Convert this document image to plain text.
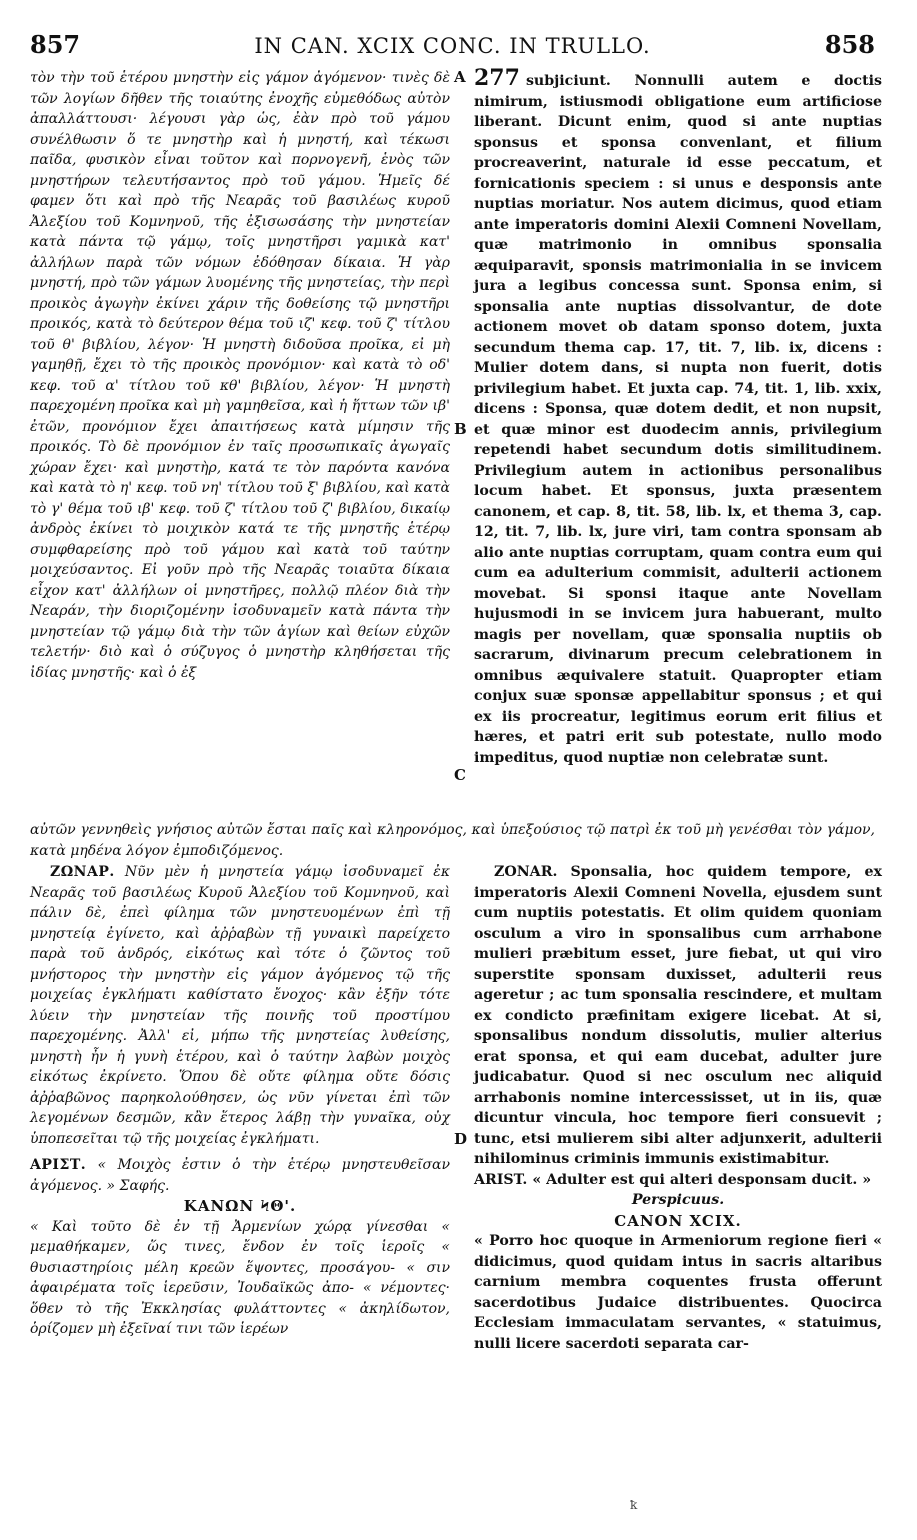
857	IN CAN. XCIX CONC. IN TRULLO.	858
A
B
C
D

τὸν τὴν τοῦ ἑτέρου μνηστὴν εἰς γάμον ἀγόμενον· τινὲς δὲ τῶν λογίων δῆθεν τῆς τοιαύτης ἐνοχῆς εὐμεθόδως αὐτὸν ἀπαλλάττουσι· λέγουσι γὰρ ὡς, ἐὰν πρὸ τοῦ γάμου συνέλθωσιν ὅ τε μνηστὴρ καὶ ἡ μνηστή, καὶ τέκωσι παῖδα, φυσικὸν εἶναι τοῦτον καὶ πορνογενῆ, ἑνὸς τῶν μνηστήρων τελευτήσαντος πρὸ τοῦ γάμου. Ἡμεῖς δέ φαμεν ὅτι καὶ πρὸ τῆς Νεαρᾶς τοῦ βασιλέως κυροῦ Ἀλεξίου τοῦ Κομνηνοῦ, τῆς ἐξισωσάσης τὴν μνηστείαν κατὰ πάντα τῷ γάμῳ, τοῖς μνηστῆρσι γαμικὰ κατ' ἀλλήλων παρὰ τῶν νόμων ἐδόθησαν δίκαια. Ἡ γὰρ μνηστή, πρὸ τῶν γάμων λυομένης τῆς μνηστείας, τὴν περὶ προικὸς ἀγωγὴν ἐκίνει χάριν τῆς δοθείσης τῷ μνηστῆρι προικός, κατὰ τὸ δεύτερον θέμα τοῦ ιζ' κεφ. τοῦ ζ' τίτλου τοῦ θ' βιβλίου, λέγον· Ἡ μνηστὴ διδοῦσα προῖκα, εἰ μὴ γαμηθῇ, ἔχει τὸ τῆς προικὸς προνόμιον· καὶ κατὰ τὸ οδ' κεφ. τοῦ α' τίτλου τοῦ κθ' βιβλίου, λέγον· Ἡ μνηστὴ παρεχομένη προῖκα καὶ μὴ γαμηθεῖσα, καὶ ἡ ἥττων τῶν ιβ' ἐτῶν, προνόμιον ἔχει ἀπαιτήσεως κατὰ μίμησιν τῆς προικός. Τὸ δὲ προνόμιον ἐν ταῖς προσωπικαῖς ἀγωγαῖς χώραν ἔχει· καὶ μνηστὴρ, κατά τε τὸν παρόντα κανόνα καὶ κατὰ τὸ η' κεφ. τοῦ νη' τίτλου τοῦ ξ' βιβλίου, καὶ κατὰ τὸ γ' θέμα τοῦ ιβ' κεφ. τοῦ ζ' τίτλου τοῦ ζ' βιβλίου, δικαίῳ ἀνδρὸς ἐκίνει τὸ μοιχικὸν κατά τε τῆς μνηστῆς ἑτέρῳ συμφθαρείσης πρὸ τοῦ γάμου καὶ κατὰ τοῦ ταύτην μοιχεύσαντος. Εἰ γοῦν πρὸ τῆς Νεαρᾶς τοιαῦτα δίκαια εἶχον κατ' ἀλλήλων οἱ μνηστῆρες, πολλῷ πλέον διὰ τὴν Νεαράν, τὴν διοριζομένην ἰσοδυναμεῖν κατὰ πάντα τὴν μνηστείαν τῷ γάμῳ διὰ τὴν τῶν ἁγίων καὶ θείων εὐχῶν τελετήν· διὸ καὶ ὁ σύζυγος ὁ μνηστὴρ κληθήσεται τῆς ἰδίας μνηστῆς· καὶ ὁ ἐξ

277 subjiciunt. Nonnulli autem e doctis nimirum, istiusmodi obligatione eum artificiose liberant. Dicunt enim, quod si ante nuptias sponsus et sponsa convenlant, et filium procreaverint, naturale id esse peccatum, et fornicationis speciem : si unus e desponsis ante nuptias moriatur. Nos autem dicimus, quod etiam ante imperatoris domini Alexii Comneni Novellam, quæ matrimonio in omnibus sponsalia æquiparavit, sponsis matrimonialia in se invicem jura a legibus concessa sunt. Sponsa enim, si sponsalia ante nuptias dissolvantur, de dote actionem movet ob datam sponso dotem, juxta secundum thema cap. 17, tit. 7, lib. ix, dicens : Mulier dotem dans, si nupta non fuerit, dotis privilegium habet. Et juxta cap. 74, tit. 1, lib. xxix, dicens : Sponsa, quæ dotem dedit, et non nupsit, et quæ minor est duodecim annis, privilegium repetendi habet secundum dotis similitudinem. Privilegium autem in actionibus personalibus locum habet. Et sponsus, juxta præsentem canonem, et cap. 8, tit. 58, lib. lx, et thema 3, cap. 12, tit. 7, lib. lx, jure viri, tam contra sponsam ab alio ante nuptias corruptam, quam contra eum qui cum ea adulterium commisit, adulterii actionem movebat. Si sponsi itaque ante Novellam hujusmodi in se invicem jura habuerant, multo magis per novellam, quæ sponsalia nuptiis ob sacrarum, divinarum precum celebrationem in omnibus æquivalere statuit. Quapropter etiam conjux suæ sponsæ appellabitur sponsus ; et qui ex iis procreatur, legitimus eorum erit filius et hæres, et patri erit sub potestate, nullo modo impeditus, quod nuptiæ non celebratæ sunt.

αὐτῶν γεννηθεὶς γνήσιος αὐτῶν ἔσται παῖς καὶ κληρονόμος, καὶ ὑπεξούσιος τῷ πατρὶ ἐκ τοῦ μὴ γενέσθαι τὸν γάμον, κατὰ μηδένα λόγον ἐμποδιζόμενος.

ΖΩΝΑΡ. Νῦν μὲν ἡ μνηστεία γάμῳ ἰσοδυναμεῖ ἐκ Νεαρᾶς τοῦ βασιλέως Κυροῦ Ἀλεξίου τοῦ Κομνηνοῦ, καὶ πάλιν δὲ, ἐπεὶ φίλημα τῶν μνηστευομένων ἐπὶ τῇ μνηστείᾳ ἐγίνετο, καὶ ἀῤῥαβὼν τῇ γυναικὶ παρείχετο παρὰ τοῦ ἀνδρός, εἰκότως καὶ τότε ὁ ζῶντος τοῦ μνήστορος τὴν μνηστὴν εἰς γάμον ἀγόμενος τῷ τῆς μοιχείας ἐγκλήματι καθίστατο ἔνοχος· κἂν ἐξῆν τότε λύειν τὴν μνηστείαν τῆς ποινῆς τοῦ προστίμου παρεχομένης. Ἀλλ' εἰ, μήπω τῆς μνηστείας λυθείσης, μνηστὴ ἦν ἡ γυνὴ ἑτέρου, καὶ ὁ ταύτην λαβὼν μοιχὸς εἰκότως ἐκρίνετο. Ὅπου δὲ οὔτε φίλημα οὔτε δόσις ἀῤῥαβῶνος παρηκολούθησεν, ὡς νῦν γίνεται ἐπὶ τῶν λεγομένων δεσμῶν, κἂν ἕτερος λάβῃ τὴν γυναῖκα, οὐχ ὑποπεσεῖται τῷ τῆς μοιχείας ἐγκλήματι.

ΑΡΙΣΤ. « Μοιχὸς ἐστιν ὁ τὴν ἑτέρῳ μνηστευθεῖσαν ἀγόμενος. » Σαφής.

ΚΑΝΩΝ ϞΘ'.

« Καὶ τοῦτο δὲ ἐν τῇ Ἀρμενίων χώρᾳ γίνεσθαι « μεμαθήκαμεν, ὥς τινες, ἔνδον ἐν τοῖς ἱεροῖς « θυσιαστηρίοις μέλη κρεῶν ἕψοντες, προσάγου- « σιν ἀφαιρέματα τοῖς ἱερεῦσιν, Ἰουδαϊκῶς ἀπο- « νέμοντες· ὅθεν τὸ τῆς Ἐκκλησίας φυλάττοντες « ἀκηλίδωτον, ὁρίζομεν μὴ ἐξεῖναί τινι τῶν ἱερέων

ZONAR. Sponsalia, hoc quidem tempore, ex imperatoris Alexii Comneni Novella, ejusdem sunt cum nuptiis potestatis. Et olim quidem quoniam osculum a viro in sponsalibus cum arrhabone mulieri præbitum esset, jure fiebat, ut qui viro superstite sponsam duxisset, adulterii reus ageretur ; ac tum sponsalia rescindere, et multam ex condicto præfinitam exigere licebat. At si, sponsalibus nondum dissolutis, mulier alterius erat sponsa, et qui eam ducebat, adulter jure judicabatur. Quod si nec osculum nec aliquid arrhabonis nomine intercessisset, ut in iis, quæ dicuntur vincula, hoc tempore fieri consuevit ; tunc, etsi mulierem sibi alter adjunxerit, adulterii nihilominus criminis immunis existimabitur.

ARIST. « Adulter est qui alteri desponsam ducit. »

Perspicuus.
CANON XCIX.

« Porro hoc quoque in Armeniorum regione fieri « didicimus, quod quidam intus in sacris altaribus carnium membra coquentes frusta offerunt sacerdotibus Judaice distribuentes. Quocirca Ecclesiam immaculatam servantes, « statuimus, nulli licere sacerdoti separata car-

ꝁ
